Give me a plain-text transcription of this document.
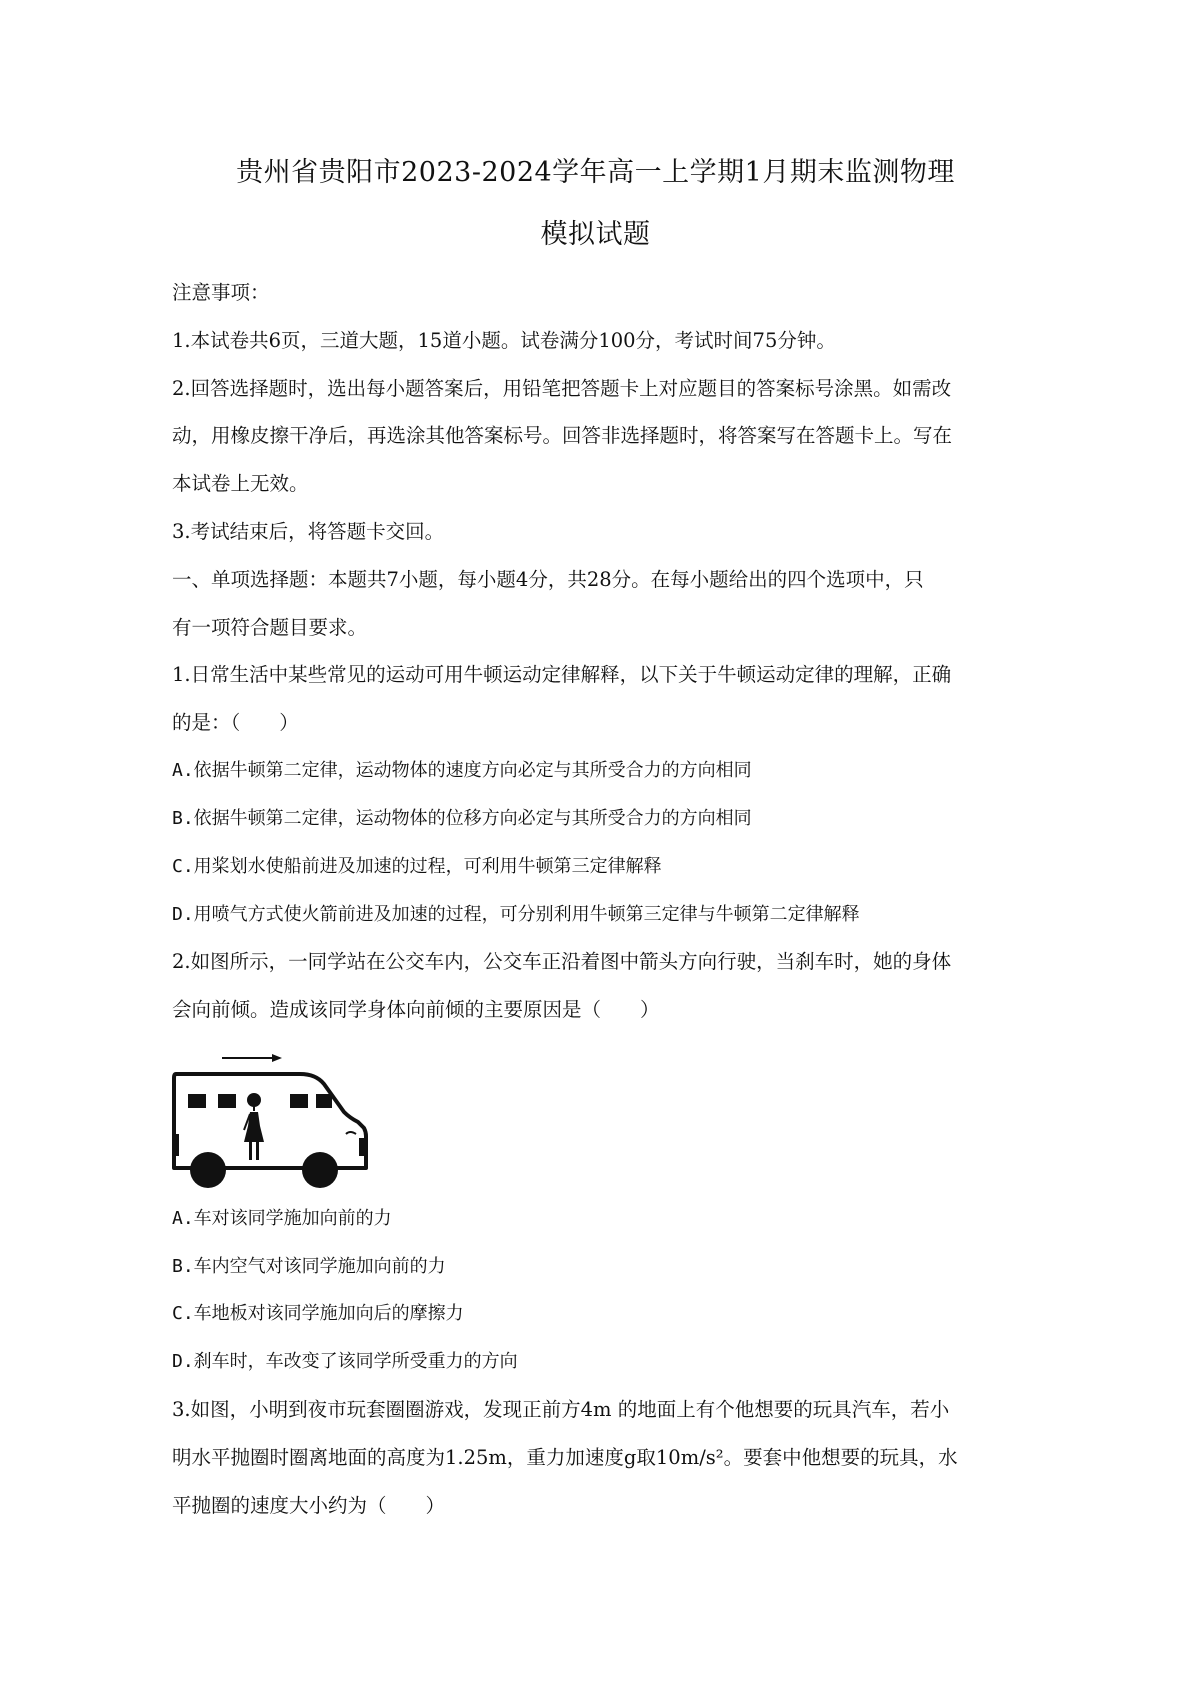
贵州省贵阳市2023-2024学年高一上学期1月期末监测物理
模拟试题
注意事项：
1.本试卷共6页，三道大题，15道小题。试卷满分100分，考试时间75分钟。
2.回答选择题时，选出每小题答案后，用铅笔把答题卡上对应题目的答案标号涂黑。如需改
动，用橡皮擦干净后，再选涂其他答案标号。回答非选择题时，将答案写在答题卡上。写在
本试卷上无效。
3.考试结束后，将答题卡交回。
一、单项选择题：本题共7小题，每小题4分，共28分。在每小题给出的四个选项中，只
有一项符合题目要求。
1.日常生活中某些常见的运动可用牛顿运动定律解释，以下关于牛顿运动定律的理解，正确
的是：（　　）
A.依据牛顿第二定律，运动物体的速度方向必定与其所受合力的方向相同
B.依据牛顿第二定律，运动物体的位移方向必定与其所受合力的方向相同
C.用桨划水使船前进及加速的过程，可利用牛顿第三定律解释
D.用喷气方式使火箭前进及加速的过程，可分别利用牛顿第三定律与牛顿第二定律解释
2.如图所示，一同学站在公交车内，公交车正沿着图中箭头方向行驶，当刹车时，她的身体
会向前倾。造成该同学身体向前倾的主要原因是（　　）
A.车对该同学施加向前的力
B.车内空气对该同学施加向前的力
C.车地板对该同学施加向后的摩擦力
D.刹车时，车改变了该同学所受重力的方向
3.如图，小明到夜市玩套圈圈游戏，发现正前方4m 的地面上有个他想要的玩具汽车，若小
明水平抛圈时圈离地面的高度为1.25m，重力加速度g取10m/s²。要套中他想要的玩具，水
平抛圈的速度大小约为（　　）
